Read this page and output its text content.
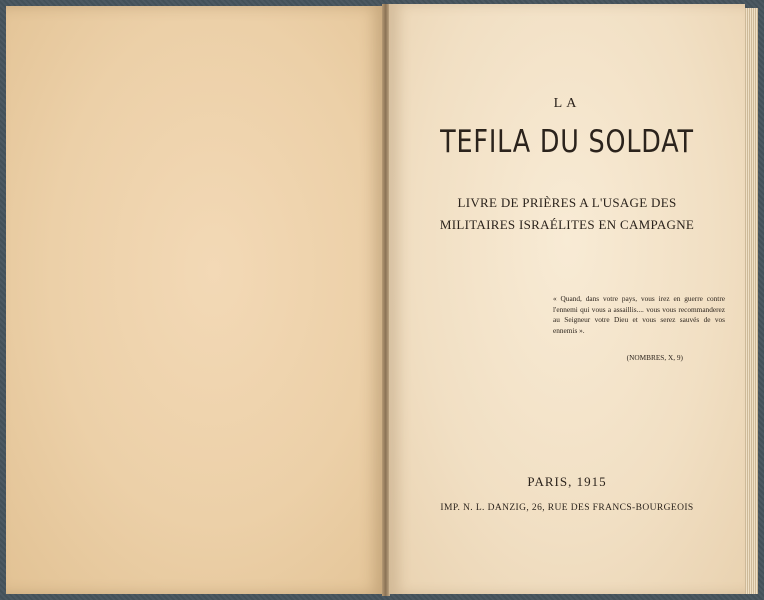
LA
TEFILA DU SOLDAT
LIVRE DE PRIÈRES A L'USAGE DES
MILITAIRES ISRAÉLITES EN CAMPAGNE
« Quand, dans votre pays, vous irez en guerre contre l'ennemi qui vous a assaillis.... vous vous recommanderez au Seigneur votre Dieu et vous serez sauvés de vos ennemis ».
(NOMBRES, X, 9)
PARIS, 1915
IMP. N. L. DANZIG, 26, RUE DES FRANCS-BOURGEOIS
